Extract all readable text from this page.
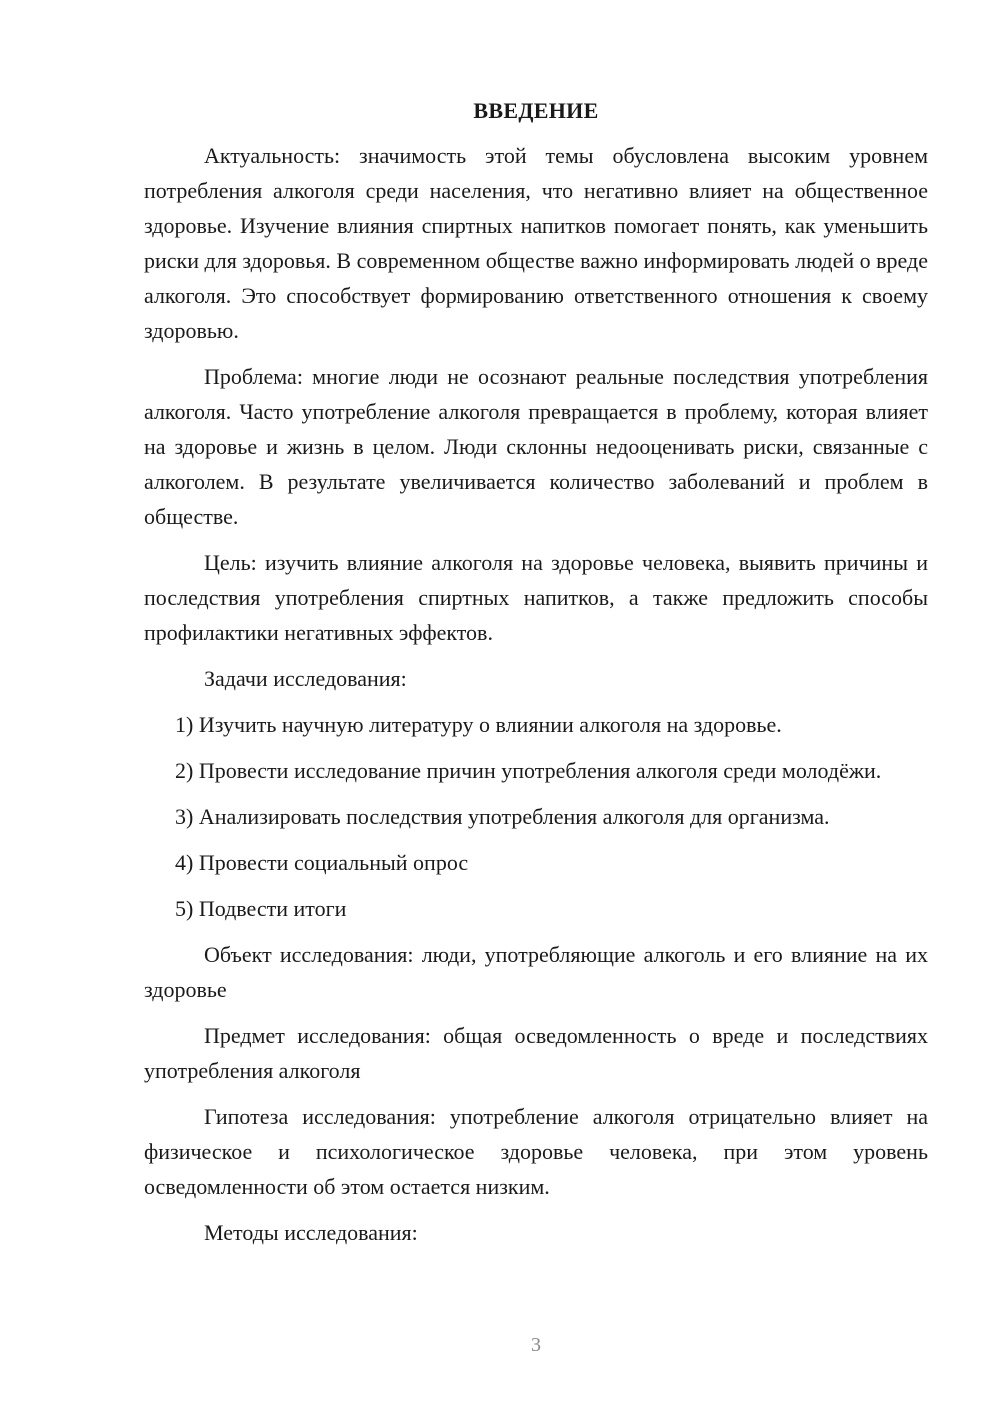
ВВЕДЕНИЕ

Актуальность: значимость этой темы обусловлена высоким уровнем потребления алкоголя среди населения, что негативно влияет на общественное здоровье. Изучение влияния спиртных напитков помогает понять, как уменьшить риски для здоровья. В современном обществе важно информировать людей о вреде алкоголя. Это способствует формированию ответственного отношения к своему здоровью.

Проблема: многие люди не осознают реальные последствия употребления алкоголя. Часто употребление алкоголя превращается в проблему, которая влияет на здоровье и жизнь в целом. Люди склонны недооценивать риски, связанные с алкоголем. В результате увеличивается количество заболеваний и проблем в обществе.

Цель: изучить влияние алкоголя на здоровье человека, выявить причины и последствия употребления спиртных напитков, а также предложить способы профилактики негативных эффектов.

Задачи исследования:

1) Изучить научную литературу о влиянии алкоголя на здоровье.

2) Провести исследование причин употребления алкоголя среди молодёжи.

3) Анализировать последствия употребления алкоголя для организма.

4) Провести социальный опрос

5) Подвести итоги

Объект исследования: люди, употребляющие алкоголь и его влияние на их здоровье

Предмет исследования: общая осведомленность о вреде и последствиях употребления алкоголя

Гипотеза исследования: употребление алкоголя отрицательно влияет на физическое и психологическое здоровье человека, при этом уровень осведомленности об этом остается низким.

Методы исследования:

3
